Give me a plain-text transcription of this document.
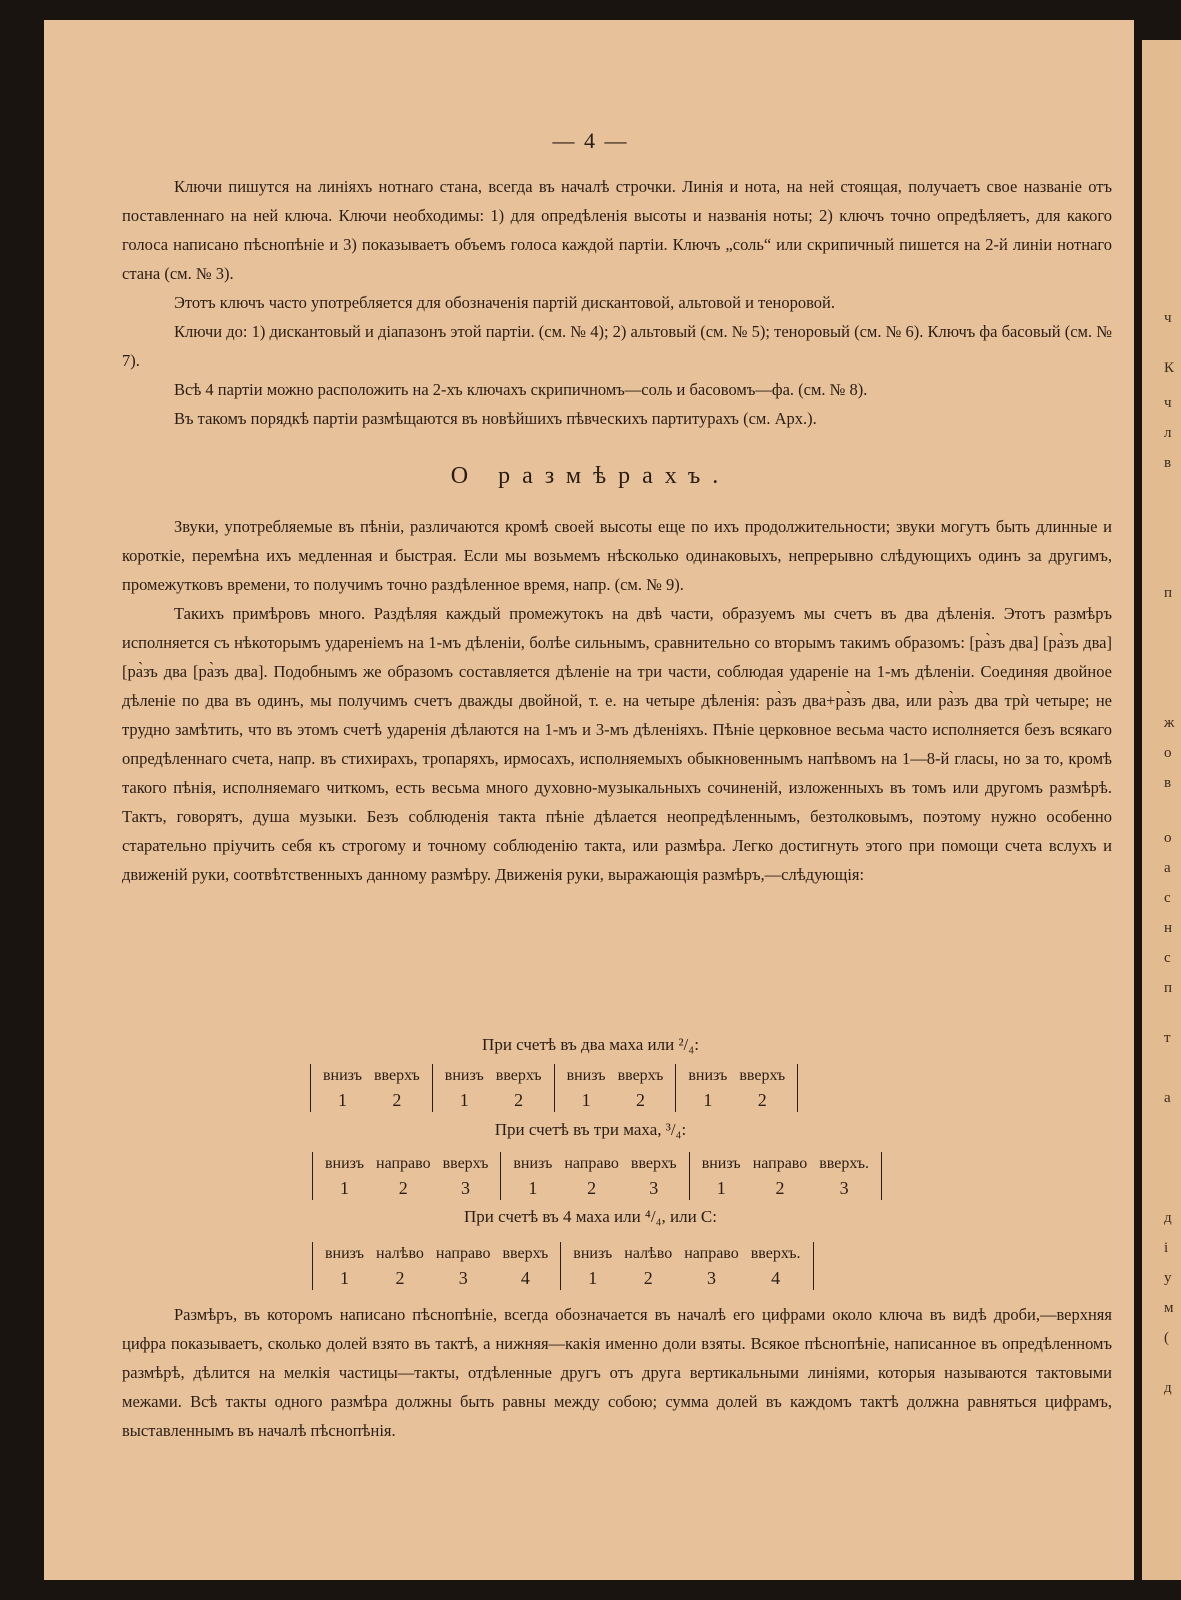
ч
К
ч
л
в
п
ж
о
в
о
а
с
н
с
п
т
а
д
і
у
м
(
д
— 4 —

Ключи пишутся на линіяхъ нотнаго стана, всегда въ началѣ строчки. Линія и нота, на ней стоящая, получаетъ свое названіе отъ поставленнаго на ней ключа. Ключи необходимы: 1) для опредѣленія высоты и названія ноты; 2) ключъ точно опредѣляетъ, для какого голоса написано пѣснопѣніе и 3) показываетъ объемъ голоса каждой партіи. Ключъ „соль“ или скрипичный пишется на 2-й линіи нотнаго стана (см. № 3).

Этотъ ключъ часто употребляется для обозначенія партій дискантовой, альтовой и теноровой.

Ключи до: 1) дискантовый и діапазонъ этой партіи. (см. № 4); 2) альтовый (см. № 5); теноровый (см. № 6). Ключъ фа басовый (см. № 7).

Всѣ 4 партіи можно расположить на 2-хъ ключахъ скрипичномъ—соль и басовомъ—фа. (см. № 8).

Въ такомъ порядкѣ партіи размѣщаются въ новѣйшихъ пѣвческихъ партитурахъ (см. Арх.).

О размѣрахъ.

Звуки, употребляемые въ пѣніи, различаются кромѣ своей высоты еще по ихъ продолжительности; звуки могутъ быть длинные и короткіе, перемѣна ихъ медленная и быстрая. Если мы возьмемъ нѣсколько одинаковыхъ, непрерывно слѣдующихъ одинъ за другимъ, промежутковъ времени, то получимъ точно раздѣленное время, напр. (см. № 9).

Такихъ примѣровъ много. Раздѣляя каждый промежутокъ на двѣ части, образуемъ мы счетъ въ два дѣленія. Этотъ размѣръ исполняется съ нѣкоторымъ удареніемъ на 1-мъ дѣленіи, болѣе сильнымъ, сравнительно со вторымъ такимъ образомъ: [ра̀зъ два] [ра̀зъ два] [ра̀зъ два [ра̀зъ два]. Подобнымъ же образомъ составляется дѣленіе на три части, соблюдая удареніе на 1-мъ дѣленіи. Соединяя двойное дѣленіе по два въ одинъ, мы получимъ счетъ дважды двойной, т. е. на четыре дѣленія: ра̀зъ два+ра̀зъ два, или ра̀зъ два трѝ четыре; не трудно замѣтить, что въ этомъ счетѣ ударенія дѣлаются на 1-мъ и 3-мъ дѣленіяхъ. Пѣніе церковное весьма часто исполняется безъ всякаго опредѣленнаго счета, напр. въ стихирахъ, тропаряхъ, ирмосахъ, исполняемыхъ обыкновеннымъ напѣвомъ на 1—8-й гласы, но за то, кромѣ такого пѣнія, исполняемаго читкомъ, есть весьма много духовно-музыкальныхъ сочиненій, изложенныхъ въ томъ или другомъ размѣрѣ. Тактъ, говорятъ, душа музыки. Безъ соблюденія такта пѣніе дѣлается неопредѣленнымъ, безтолковымъ, поэтому нужно особенно старательно пріучить себя къ строгому и точному соблюденію такта, или размѣра. Легко достигнуть этого при помощи счета вслухъ и движеній руки, соотвѣтственныхъ данному размѣру. Движенія руки, выражающія размѣръ,—слѣдующія:

При счетѣ въ два маха или ²/₄:
внизъ
1
вверхъ
2
внизъ
1
вверхъ
2
внизъ
1
вверхъ
2
внизъ
1
вверхъ
2
При счетѣ въ три маха, ³/₄:
внизъ
1
направо
2
вверхъ
3
внизъ
1
направо
2
вверхъ
3
внизъ
1
направо
2
вверхъ.
3
При счетѣ въ 4 маха или ⁴/₄, или С:
внизъ
1
налѣво
2
направо
3
вверхъ
4
внизъ
1
налѣво
2
направо
3
вверхъ.
4

Размѣръ, въ которомъ написано пѣснопѣніе, всегда обозначается въ началѣ его цифрами около ключа въ видѣ дроби,—верхняя цифра показываетъ, сколько долей взято въ тактѣ, а нижняя—какія именно доли взяты. Всякое пѣснопѣніе, написанное въ опредѣленномъ размѣрѣ, дѣлится на мелкія частицы—такты, отдѣленные другъ отъ друга вертикальными линіями, которыя называются тактовыми межами. Всѣ такты одного размѣра должны быть равны между собою; сумма долей въ каждомъ тактѣ должна равняться цифрамъ, выставленнымъ въ началѣ пѣснопѣнія.
